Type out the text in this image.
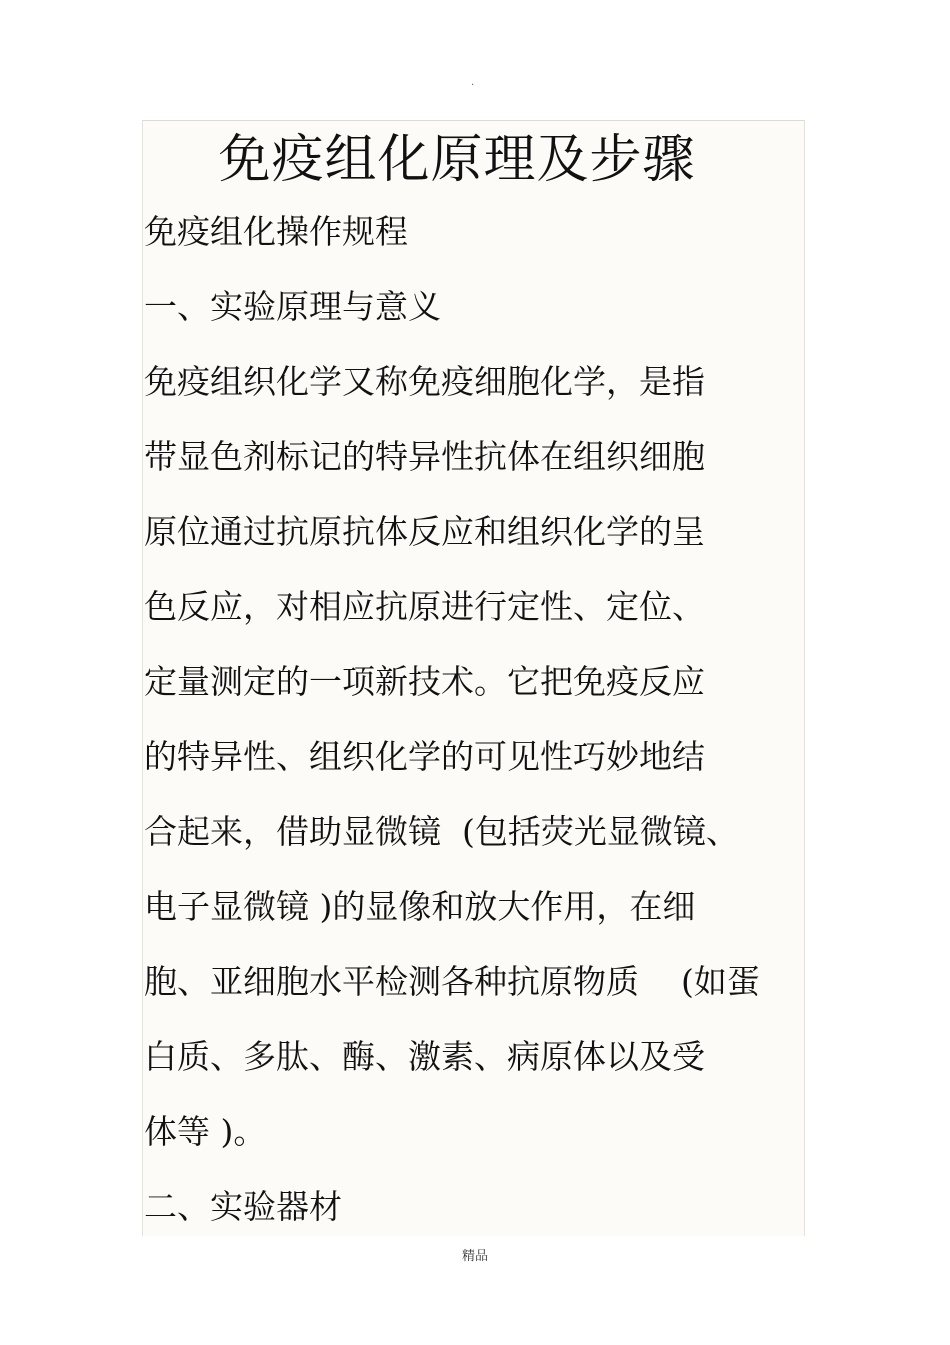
.
免疫组化原理及步骤

免疫组化操作规程

一、实验原理与意义

免疫组织化学又称免疫细胞化学，是指

带显色剂标记的特异性抗体在组织细胞

原位通过抗原抗体反应和组织化学的呈

色反应，对相应抗原进行定性、定位、

定量测定的一项新技术。它把免疫反应

的特异性、组织化学的可见性巧妙地结

合起来，借助显微镜  (包括荧光显微镜、

电子显微镜 )的显像和放大作用，在细

胞、亚细胞水平检测各种抗原物质    (如蛋

白质、多肽、酶、激素、病原体以及受

体等 )。

二、实验器材

精品
